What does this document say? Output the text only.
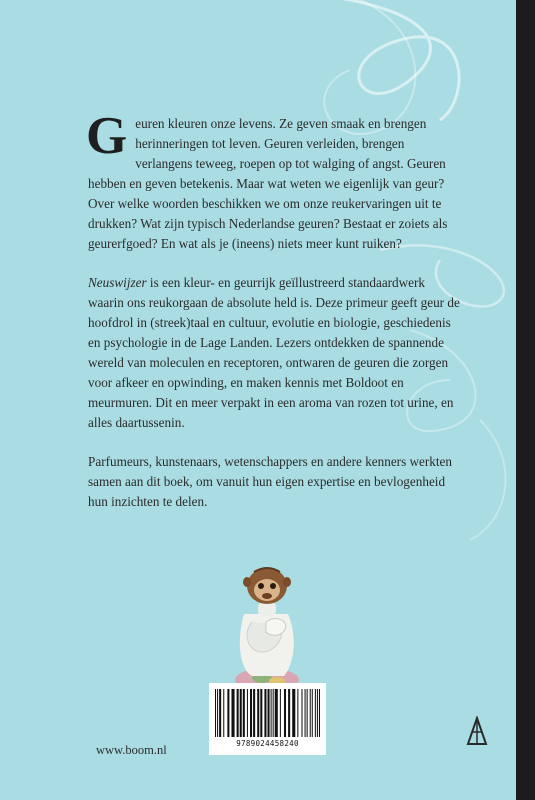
Geuren kleuren onze levens. Ze geven smaak en brengen herinneringen tot leven. Geuren verleiden, brengen verlangens teweeg, roepen op tot walging of angst. Geuren hebben en geven betekenis. Maar wat weten we eigenlijk van geur? Over welke woorden beschikken we om onze reukervaringen uit te drukken? Wat zijn typisch Nederlandse geuren? Bestaat er zoiets als geurerfgoed? En wat als je (ineens) niets meer kunt ruiken?

Neuswijzer is een kleur- en geurrijk geïllustreerd standaardwerk waarin ons reukorgaan de absolute held is. Deze primeur geeft geur de hoofdrol in (streek)taal en cultuur, evolutie en biologie, geschiedenis en psychologie in de Lage Landen. Lezers ontdekken de spannende wereld van moleculen en receptoren, ontwaren de geuren die zorgen voor afkeer en opwinding, en maken kennis met Boldoot en meurmuren. Dit en meer verpakt in een aroma van rozen tot urine, en alles daartussenin.

Parfumeurs, kunstenaars, wetenschappers en andere kenners werkten samen aan dit boek, om vanuit hun eigen expertise en bevlogenheid hun inzichten te delen.

9789024458240
www.boom.nl
